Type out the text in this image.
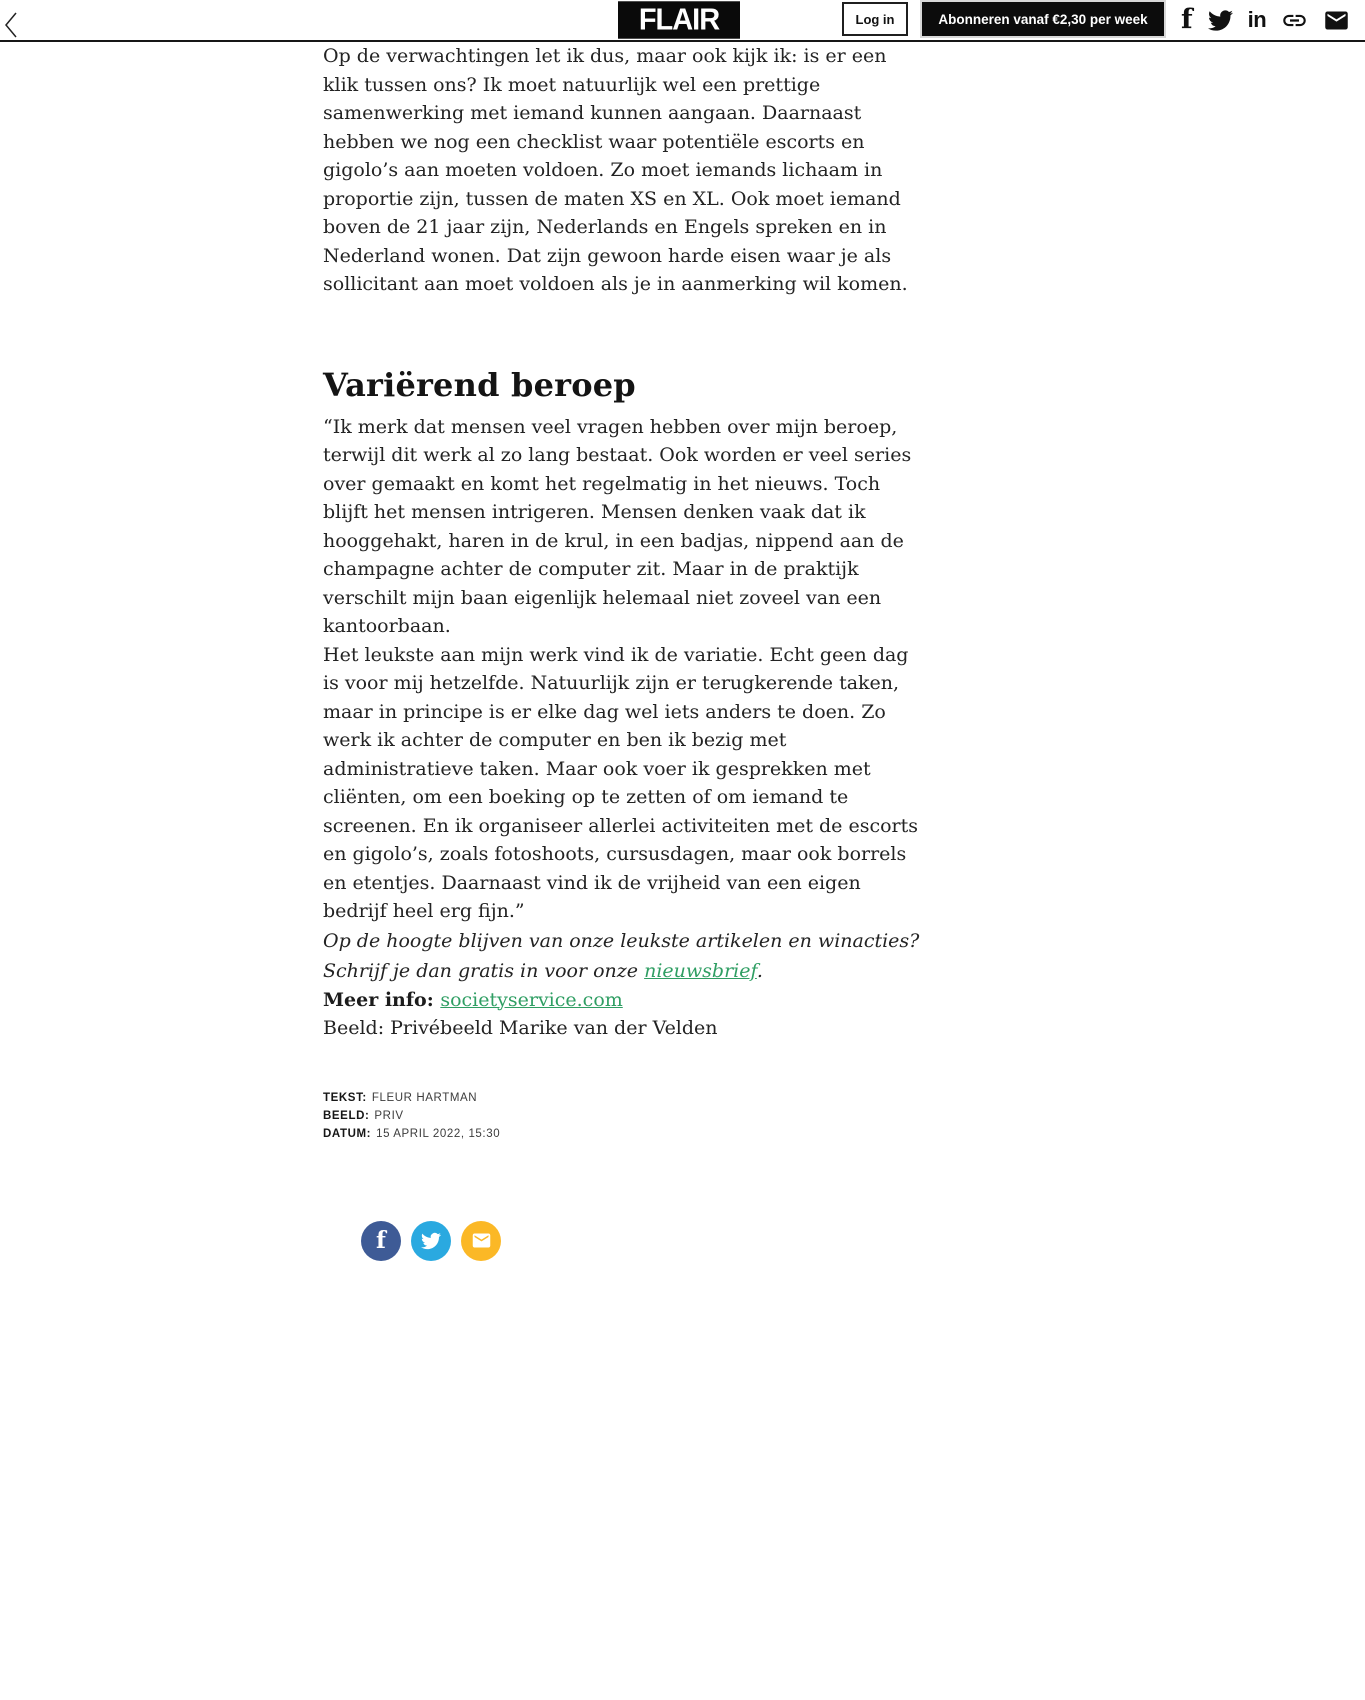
FLAIR	Log in	Abonneren vanaf €2,30 per week	f	in

Op de verwachtingen let ik dus, maar ook kijk ik: is er een klik tussen ons? Ik moet natuurlijk wel een prettige samenwerking met iemand kunnen aangaan. Daarnaast hebben we nog een checklist waar potentiële escorts en gigolo’s aan moeten voldoen. Zo moet iemands lichaam in proportie zijn, tussen de maten XS en XL. Ook moet iemand boven de 21 jaar zijn, Nederlands en Engels spreken en in Nederland wonen. Dat zijn gewoon harde eisen waar je als sollicitant aan moet voldoen als je in aanmerking wil komen.

Variërend beroep

“Ik merk dat mensen veel vragen hebben over mijn beroep, terwijl dit werk al zo lang bestaat. Ook worden er veel series over gemaakt en komt het regelmatig in het nieuws. Toch blijft het mensen intrigeren. Mensen denken vaak dat ik hooggehakt, haren in de krul, in een badjas, nippend aan de champagne achter de computer zit. Maar in de praktijk verschilt mijn baan eigenlijk helemaal niet zoveel van een kantoorbaan.

Het leukste aan mijn werk vind ik de variatie. Echt geen dag is voor mij hetzelfde. Natuurlijk zijn er terugkerende taken, maar in principe is er elke dag wel iets anders te doen. Zo werk ik achter de computer en ben ik bezig met administratieve taken. Maar ook voer ik gesprekken met cliënten, om een boeking op te zetten of om iemand te screenen. En ik organiseer allerlei activiteiten met de escorts en gigolo’s, zoals fotoshoots, cursusdagen, maar ook borrels en etentjes. Daarnaast vind ik de vrijheid van een eigen bedrijf heel erg fijn.”

Op de hoogte blijven van onze leukste artikelen en winacties? Schrijf je dan gratis in voor onze nieuwsbrief.

Meer info: societyservice.com

Beeld: Privébeeld Marike van der Velden

TEKST: FLEUR HARTMAN
BEELD: PRIV
DATUM: 15 APRIL 2022, 15:30
f
